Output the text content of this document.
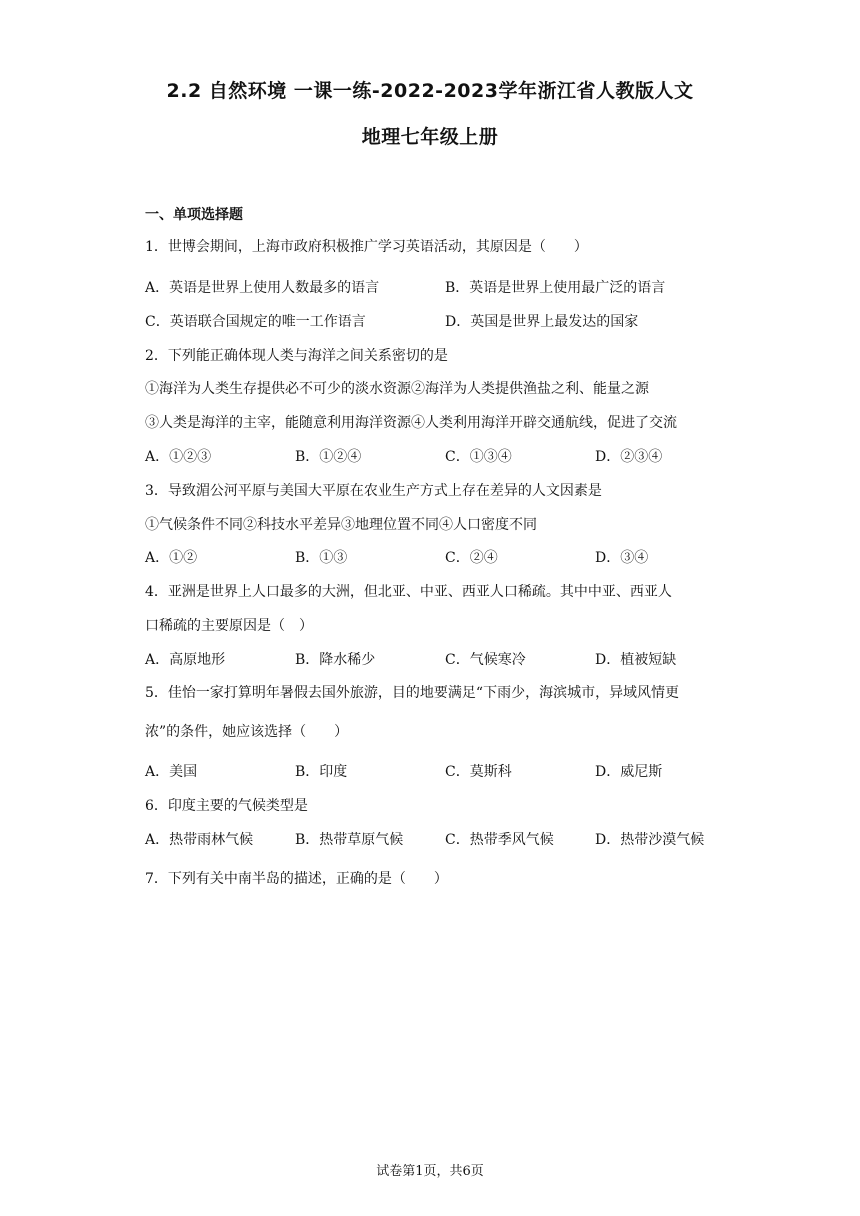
2.2 自然环境 一课一练-2022-2023学年浙江省人教版人文
地理七年级上册
一、单项选择题
1．世博会期间，上海市政府积极推广学习英语活动，其原因是（　　）
A．英语是世界上使用人数最多的语言	B．英语是世界上使用最广泛的语言
C．英语联合国规定的唯一工作语言	D．英国是世界上最发达的国家
2．下列能正确体现人类与海洋之间关系密切的是
①海洋为人类生存提供必不可少的淡水资源②海洋为人类提供渔盐之利、能量之源
③人类是海洋的主宰，能随意利用海洋资源④人类利用海洋开辟交通航线，促进了交流
A．①②③	B．①②④	C．①③④	D．②③④
3．导致湄公河平原与美国大平原在农业生产方式上存在差异的人文因素是
①气候条件不同②科技水平差异③地理位置不同④人口密度不同
A．①②	B．①③	C．②④	D．③④
4．亚洲是世界上人口最多的大洲，但北亚、中亚、西亚人口稀疏。其中中亚、西亚人
口稀疏的主要原因是（　）
A．高原地形	B．降水稀少	C．气候寒冷	D．植被短缺
5．佳怡一家打算明年暑假去国外旅游，目的地要满足“下雨少，海滨城市，异域风情更
浓”的条件，她应该选择（　　）
A．美国	B．印度	C．莫斯科	D．威尼斯
6．印度主要的气候类型是
A．热带雨林气候	B．热带草原气候	C．热带季风气候	D．热带沙漠气候
7．下列有关中南半岛的描述，正确的是（　　）
试卷第1页，共6页
